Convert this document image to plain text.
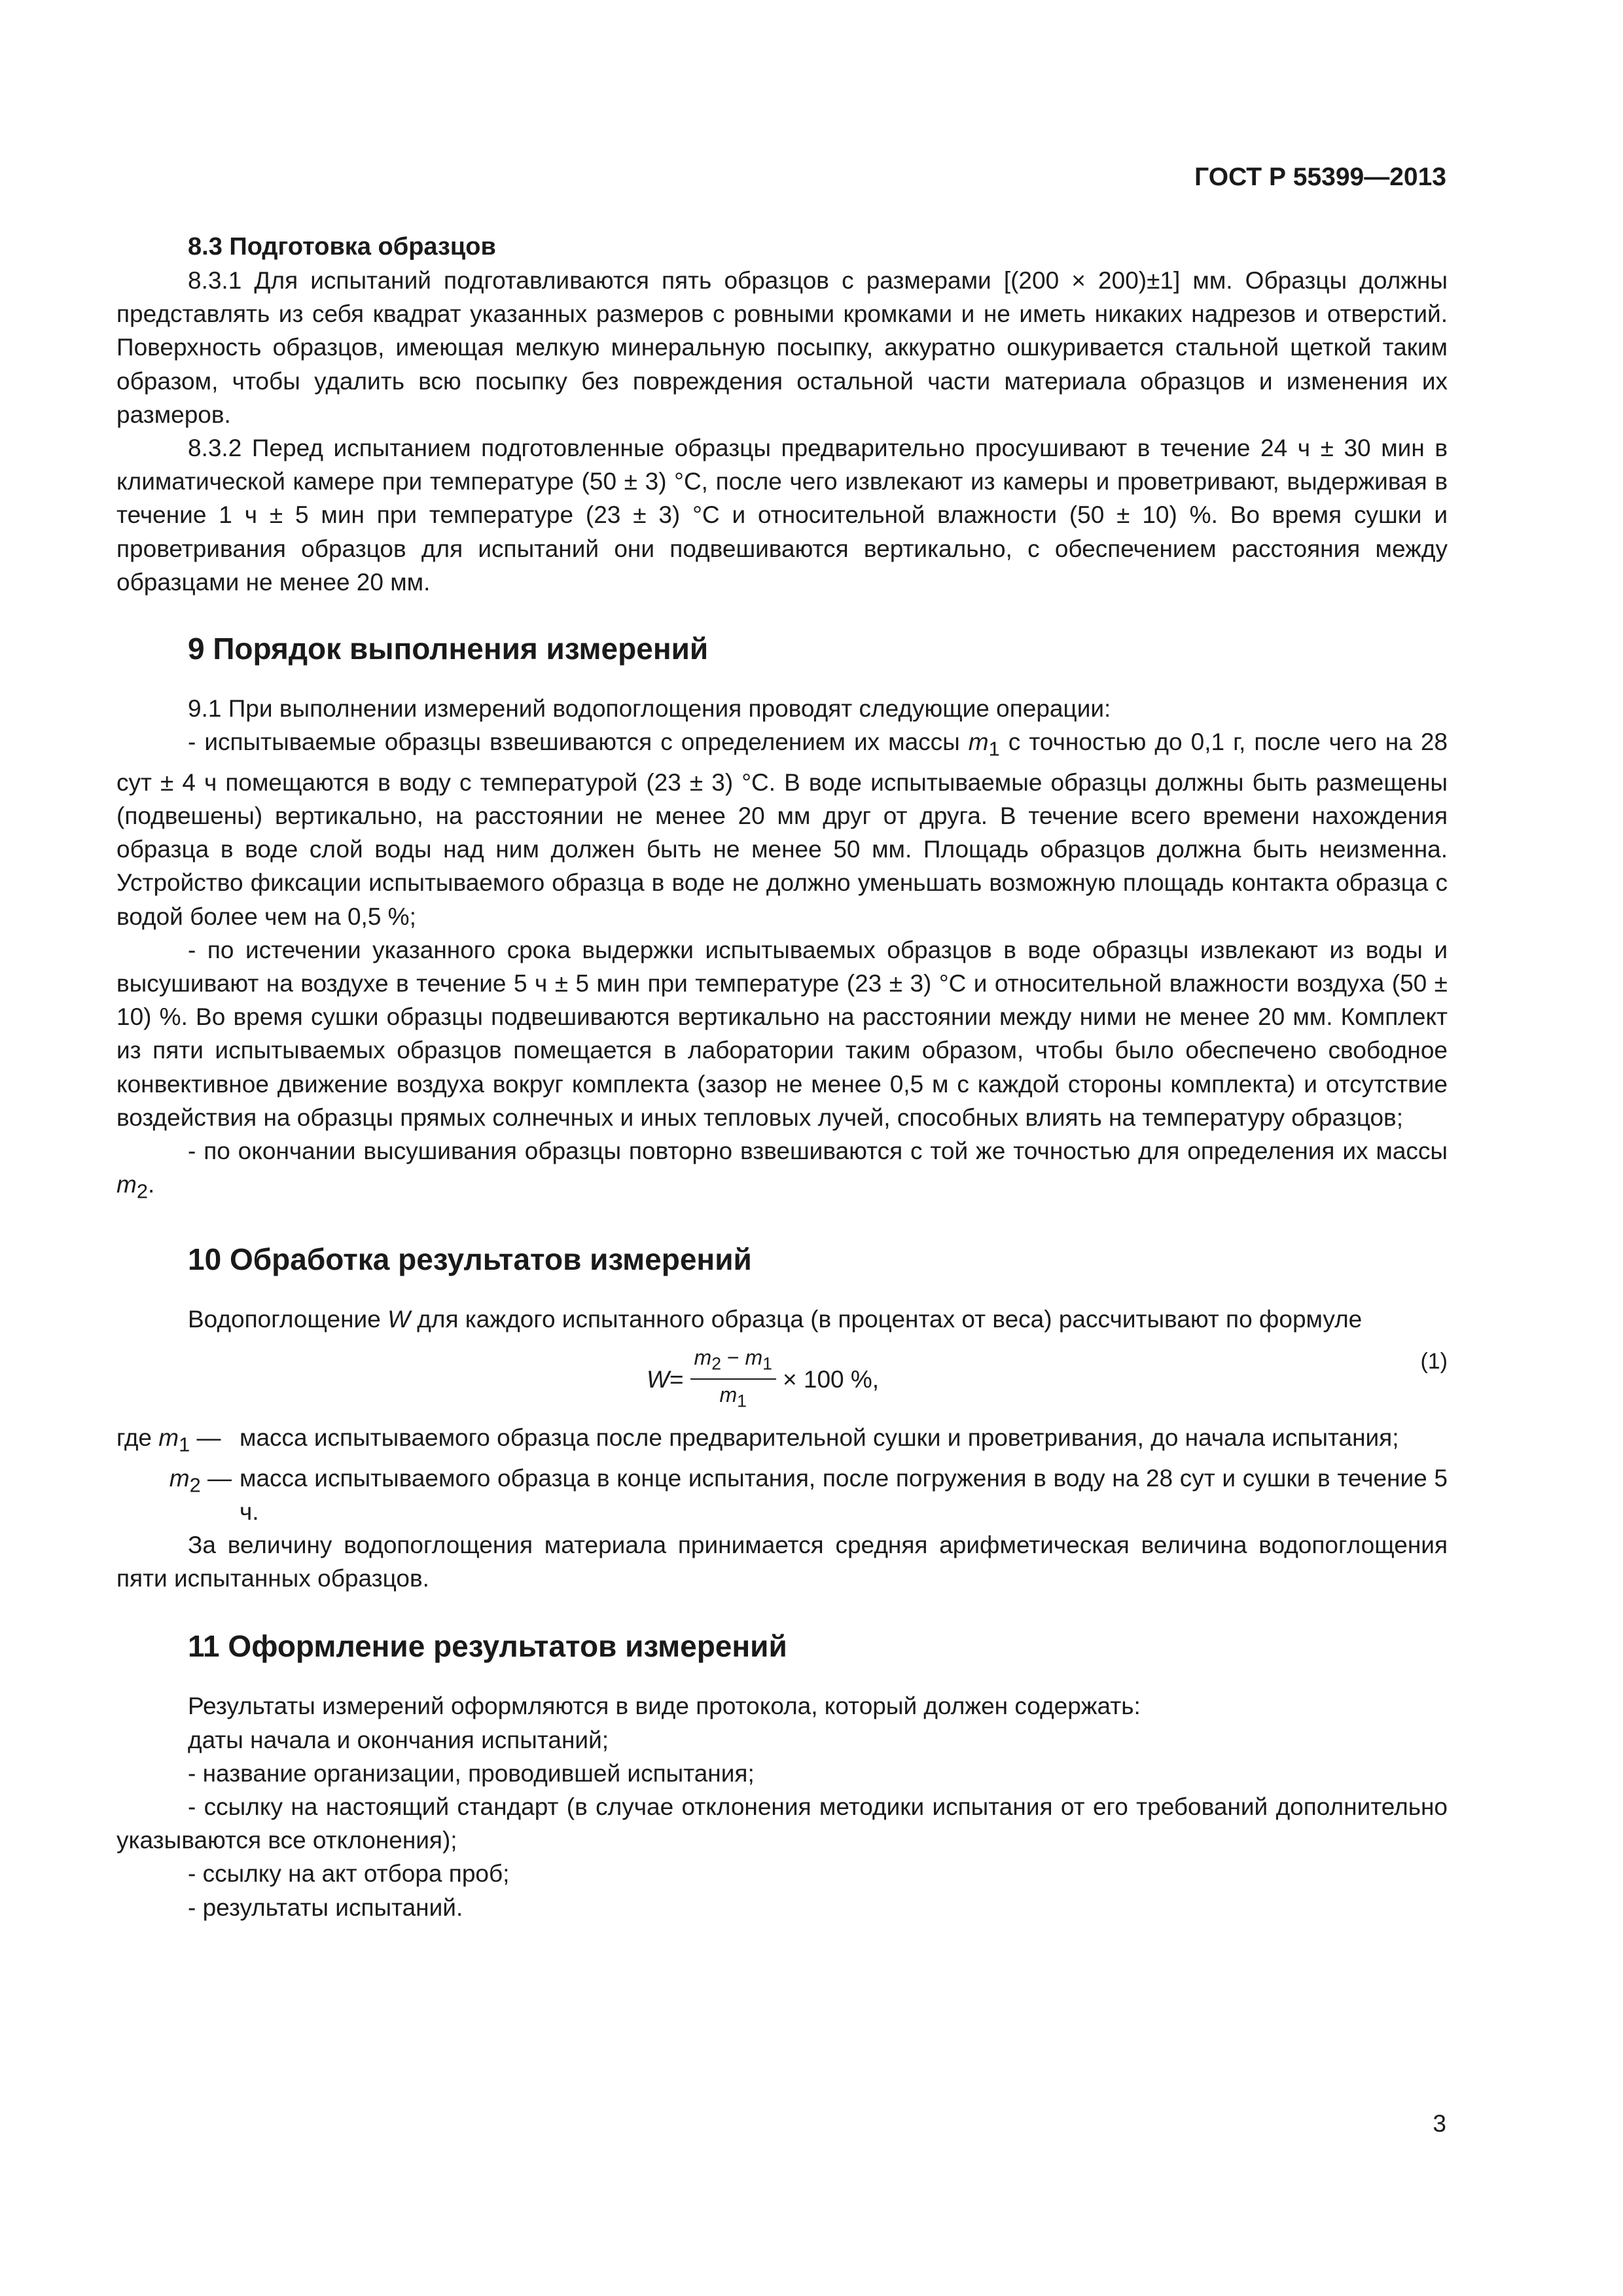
ГОСТ Р 55399—2013
8.3 Подготовка образцов

8.3.1 Для испытаний подготавливаются пять образцов с размерами [(200 × 200)±1] мм. Образцы должны представлять из себя квадрат указанных размеров с ровными кромками и не иметь никаких надрезов и отверстий. Поверхность образцов, имеющая мелкую минеральную посыпку, аккуратно ошкуривается стальной щеткой таким образом, чтобы удалить всю посыпку без повреждения остальной части материала образцов и изменения их размеров.

8.3.2 Перед испытанием подготовленные образцы предварительно просушивают в течение 24 ч ± 30 мин в климатической камере при температуре (50 ± 3) °С, после чего извлекают из камеры и проветривают, выдерживая в течение 1 ч ± 5 мин при температуре (23 ± 3) °С и относительной влажности (50 ± 10) %. Во время сушки и проветривания образцов для испытаний они подвешиваются вертикально, с обеспечением расстояния между образцами не менее 20 мм.

9 Порядок выполнения измерений

9.1 При выполнении измерений водопоглощения проводят следующие операции:

- испытываемые образцы взвешиваются с определением их массы $m_1$ с точностью до 0,1 г, после чего на 28 сут ± 4 ч помещаются в воду с температурой (23 ± 3) °С. В воде испытываемые образцы должны быть размещены (подвешены) вертикально, на расстоянии не менее 20 мм друг от друга. В течение всего времени нахождения образца в воде слой воды над ним должен быть не менее 50 мм. Площадь образцов должна быть неизменна. Устройство фиксации испытываемого образца в воде не должно уменьшать возможную площадь контакта образца с водой более чем на 0,5 %;

- по истечении указанного срока выдержки испытываемых образцов в воде образцы извлекают из воды и высушивают на воздухе в течение 5 ч ± 5 мин при температуре (23 ± 3) °С и относительной влажности воздуха (50 ± 10) %. Во время сушки образцы подвешиваются вертикально на расстоянии между ними не менее 20 мм. Комплект из пяти испытываемых образцов помещается в лаборатории таким образом, чтобы было обеспечено свободное конвективное движение воздуха вокруг комплекта (зазор не менее 0,5 м с каждой стороны комплекта) и отсутствие воздействия на образцы прямых солнечных и иных тепловых лучей, способных влиять на температуру образцов;

- по окончании высушивания образцы повторно взвешиваются с той же точностью для определения их массы $m_2$.

10 Обработка результатов измерений

Водопоглощение W для каждого испытанного образца (в процентах от веса) рассчитывают по формуле

$W = \frac{m_2 - m_1}{m_1} \times 100$ %,
(1)
где $m_1$ — масса испытываемого образца после предварительной сушки и проветривания, до начала испытания;
$m_2$ — масса испытываемого образца в конце испытания, после погружения в воду на 28 сут и сушки в течение 5 ч.

За величину водопоглощения материала принимается средняя арифметическая величина водопоглощения пяти испытанных образцов.

11 Оформление результатов измерений

Результаты измерений оформляются в виде протокола, который должен содержать:

даты начала и окончания испытаний;

- название организации, проводившей испытания;

- ссылку на настоящий стандарт (в случае отклонения методики испытания от его требований дополнительно указываются все отклонения);

- ссылку на акт отбора проб;

- результаты испытаний.

3
